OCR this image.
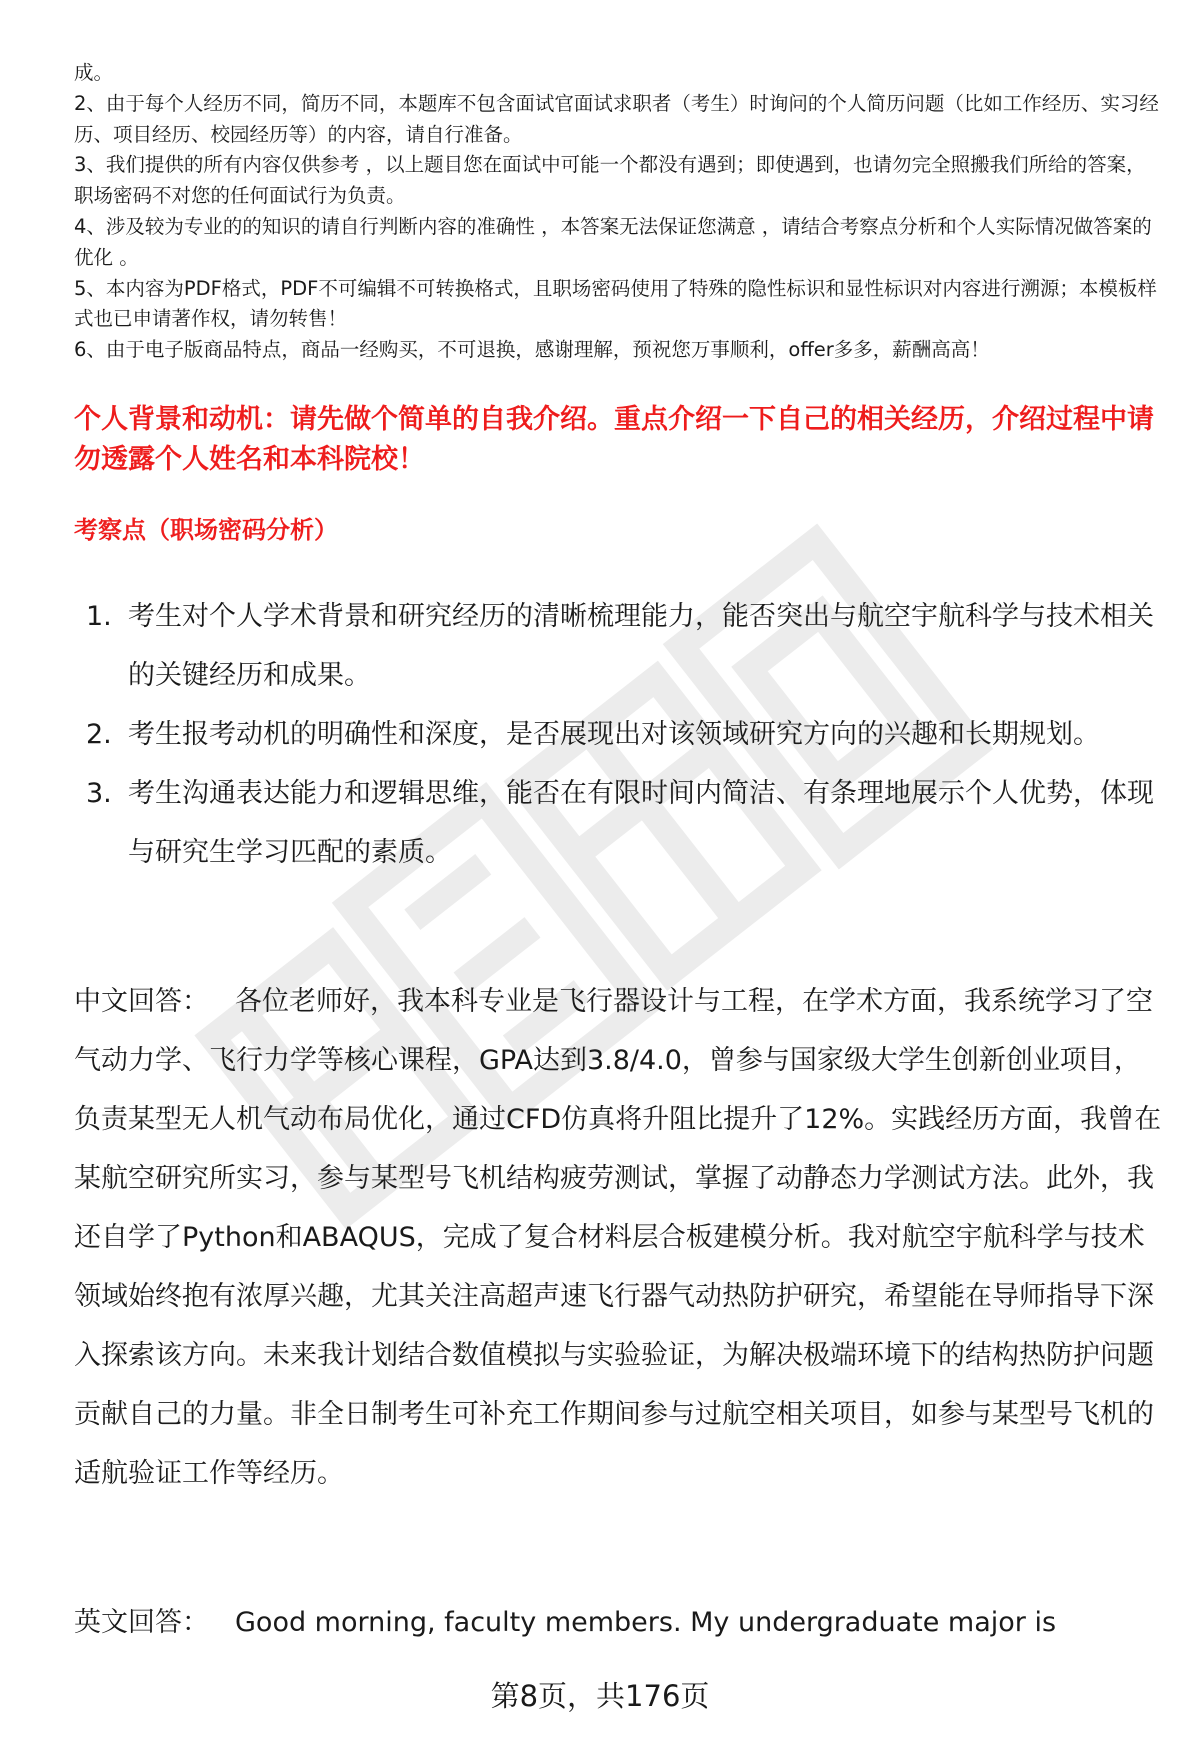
成。

2、由于每个人经历不同，简历不同，本题库不包含面试官面试求职者（考生）时询问的个人简历问题（比如工作经历、实习经历、项目经历、校园经历等）的内容，请自行准备。

3、我们提供的所有内容仅供参考 ，以上题目您在面试中可能一个都没有遇到；即使遇到，也请勿完全照搬我们所给的答案，职场密码不对您的任何面试行为负责。

4、涉及较为专业的的知识的请自行判断内容的准确性 ，本答案无法保证您满意 ，请结合考察点分析和个人实际情况做答案的优化 。

5、本内容为PDF格式，PDF不可编辑不可转换格式，且职场密码使用了特殊的隐性标识和显性标识对内容进行溯源；本模板样式也已申请著作权，请勿转售！

6、由于电子版商品特点，商品一经购买，不可退换，感谢理解，预祝您万事顺利，offer多多，薪酬高高！

个人背景和动机：请先做个简单的自我介绍。重点介绍一下自己的相关经历，介绍过程中请勿透露个人姓名和本科院校！
考察点（职场密码分析）
1. 考生对个人学术背景和研究经历的清晰梳理能力，能否突出与航空宇航科学与技术相关的关键经历和成果。
2. 考生报考动机的明确性和深度，是否展现出对该领域研究方向的兴趣和长期规划。
3. 考生沟通表达能力和逻辑思维，能否在有限时间内简洁、有条理地展示个人优势，体现与研究生学习匹配的素质。

中文回答： 各位老师好，我本科专业是飞行器设计与工程，在学术方面，我系统学习了空气动力学、飞行力学等核心课程，GPA达到3.8/4.0，曾参与国家级大学生创新创业项目，负责某型无人机气动布局优化，通过CFD仿真将升阻比提升了12%。实践经历方面，我曾在某航空研究所实习，参与某型号飞机结构疲劳测试，掌握了动静态力学测试方法。此外，我还自学了Python和ABAQUS，完成了复合材料层合板建模分析。我对航空宇航科学与技术领域始终抱有浓厚兴趣，尤其关注高超声速飞行器气动热防护研究，希望能在导师指导下深入探索该方向。未来我计划结合数值模拟与实验验证，为解决极端环境下的结构热防护问题贡献自己的力量。非全日制考生可补充工作期间参与过航空相关项目，如参与某型号飞机的适航验证工作等经历。

英文回答： Good morning, faculty members. My undergraduate major is

第8页，共176页
